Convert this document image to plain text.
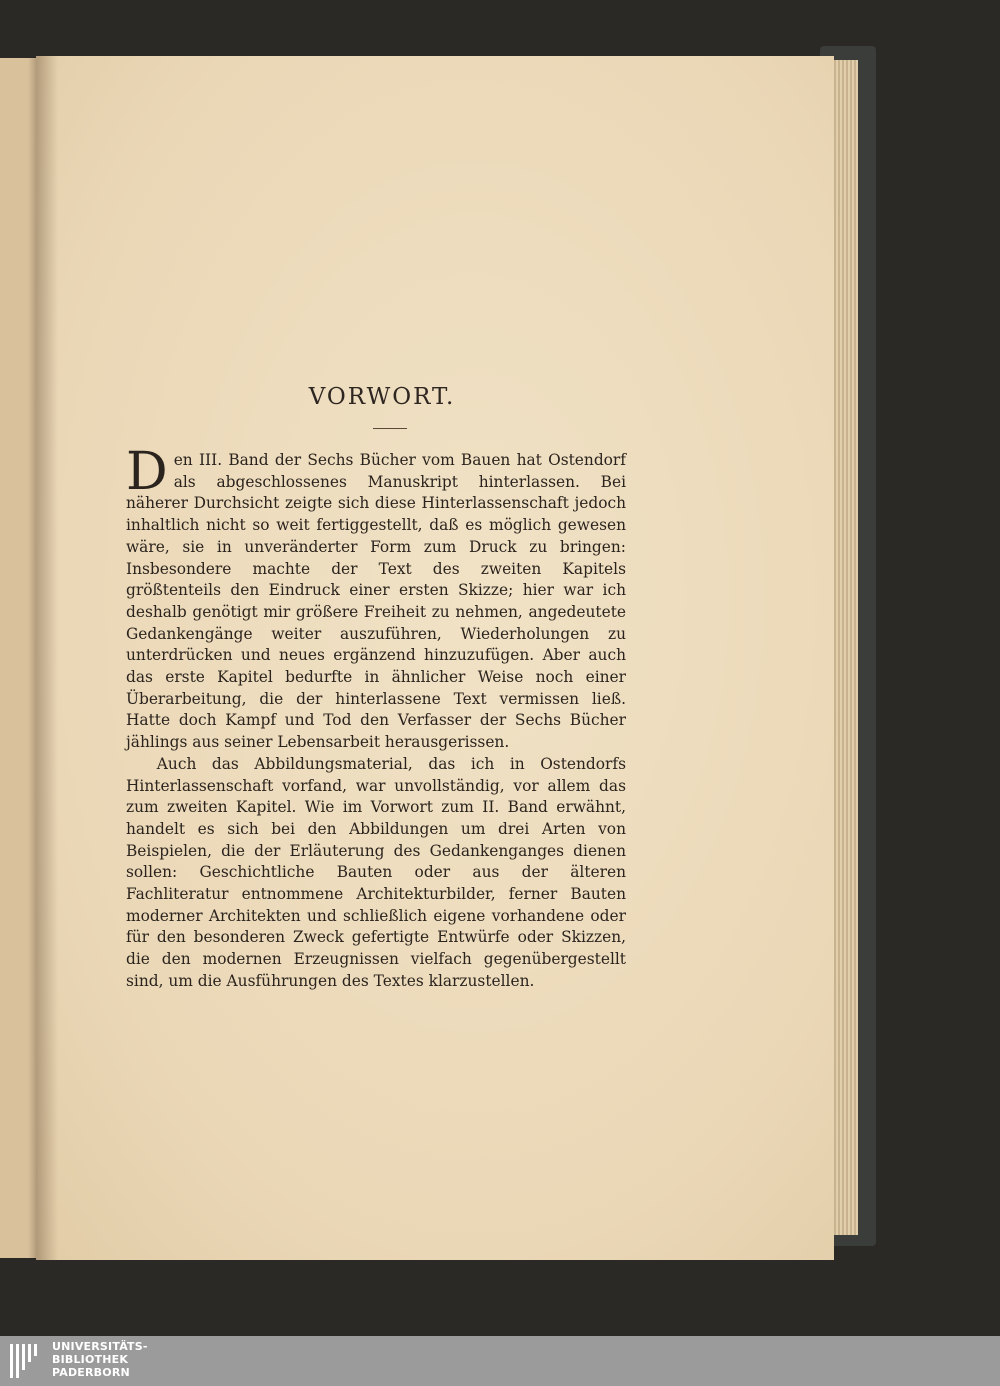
VORWORT.

Den III. Band der Sechs Bücher vom Bauen hat Ostendorf als abgeschlossenes Manuskript hinterlassen. Bei näherer Durchsicht zeigte sich diese Hinterlassenschaft jedoch inhaltlich nicht so weit fertiggestellt, daß es möglich gewesen wäre, sie in unveränderter Form zum Druck zu bringen: Insbesondere machte der Text des zweiten Kapitels größtenteils den Eindruck einer ersten Skizze; hier war ich deshalb genötigt mir größere Freiheit zu nehmen, angedeutete Gedankengänge weiter auszuführen, Wiederholungen zu unterdrücken und neues ergänzend hinzuzufügen. Aber auch das erste Kapitel bedurfte in ähnlicher Weise noch einer Überarbeitung, die der hinterlassene Text vermissen ließ. Hatte doch Kampf und Tod den Verfasser der Sechs Bücher jählings aus seiner Lebensarbeit herausgerissen.

Auch das Abbildungsmaterial, das ich in Ostendorfs Hinterlassenschaft vorfand, war unvollständig, vor allem das zum zweiten Kapitel. Wie im Vorwort zum II. Band erwähnt, handelt es sich bei den Abbildungen um drei Arten von Beispielen, die der Erläuterung des Gedankenganges dienen sollen: Geschichtliche Bauten oder aus der älteren Fachliteratur entnommene Architekturbilder, ferner Bauten moderner Architekten und schließlich eigene vorhandene oder für den besonderen Zweck gefertigte Entwürfe oder Skizzen, die den modernen Erzeugnissen vielfach gegenübergestellt sind, um die Ausführungen des Textes klarzustellen.

UNIVERSITÄTS-
BIBLIOTHEK
PADERBORN
